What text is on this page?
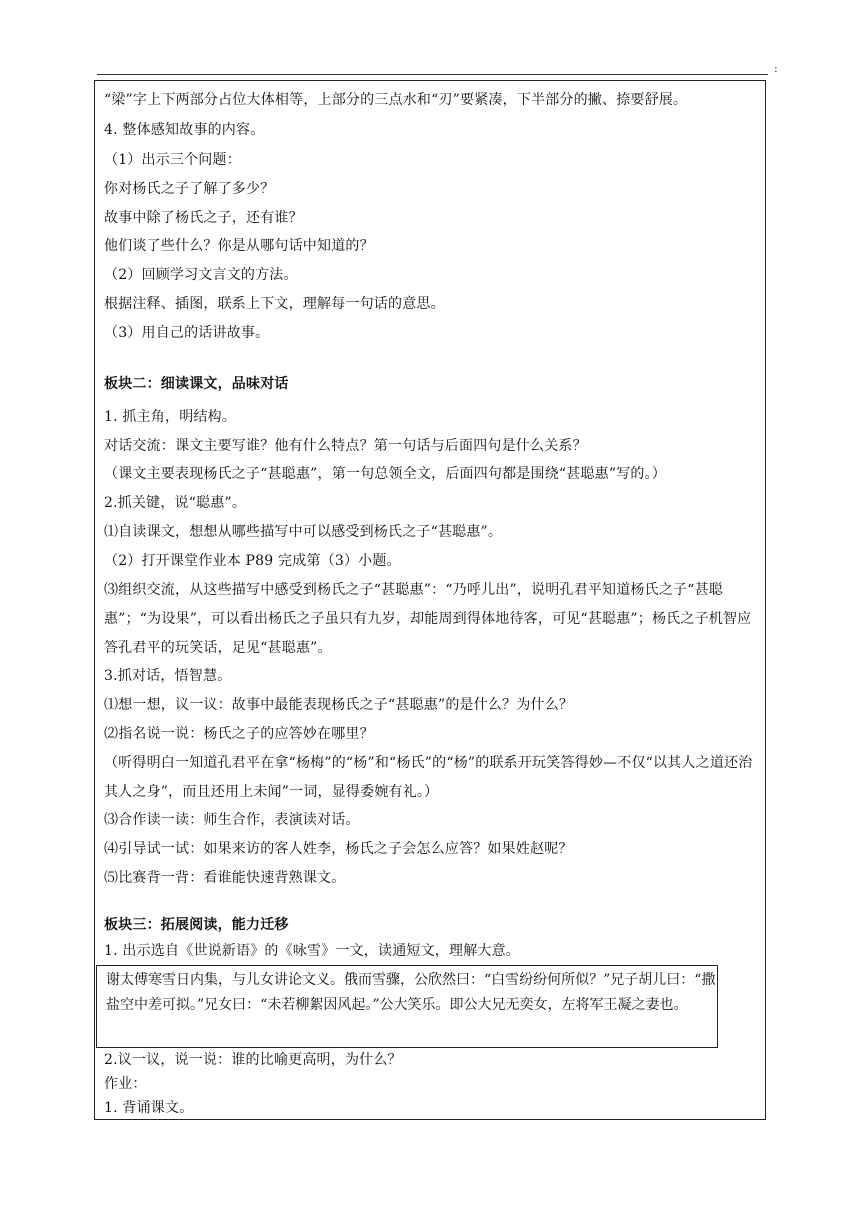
:
“梁”字上下两部分占位大体相等，上部分的三点水和“刃”要紧凑，下半部分的撇、捺要舒展。
4. 整体感知故事的内容。
（1）出示三个问题：
你对杨氏之子了解了多少？
故事中除了杨氏之子，还有谁？
他们谈了些什么？你是从哪句话中知道的？
（2）回顾学习文言文的方法。
根据注释、插图，联系上下文，理解每一句话的意思。
（3）用自己的话讲故事。
板块二：细读课文，品味对话
1. 抓主角，明结构。
对话交流：课文主要写谁？他有什么特点？第一句话与后面四句是什么关系？
（课文主要表现杨氏之子“甚聪惠”，第一句总领全文，后面四句都是围绕“甚聪惠”写的。）
2.抓关键，说“聪惠”。
⑴自读课文，想想从哪些描写中可以感受到杨氏之子“甚聪惠”。
（2）打开课堂作业本 P89 完成第（3）小题。
⑶组织交流，从这些描写中感受到杨氏之子“甚聪惠”：“乃呼儿出”，说明孔君平知道杨氏之子“甚聪惠”；“为设果”，可以看出杨氏之子虽只有九岁，却能周到得体地待客，可见“甚聪惠”；杨氏之子机智应答孔君平的玩笑话，足见“甚聪惠”。
3.抓对话，悟智慧。
⑴想一想，议一议：故事中最能表现杨氏之子“甚聪惠”的是什么？为什么？
⑵指名说一说：杨氏之子的应答妙在哪里？
（听得明白一知道孔君平在拿“杨梅”的“杨”和“杨氏”的“杨”的联系开玩笑答得妙—不仅“以其人之道还治其人之身”，而且还用上未闻”一词，显得委婉有礼。）
⑶合作读一读：师生合作，表演读对话。
⑷引导试一试：如果来访的客人姓李，杨氏之子会怎么应答？如果姓赵呢？
⑸比赛背一背：看谁能快速背熟课文。
板块三：拓展阅读，能力迁移
1. 出示选自《世说新语》的《咏雪》一文，读通短文，理解大意。
谢太傅寒雪日内集，与儿女讲论文义。俄而雪骤，公欣然曰：“白雪纷纷何所似？”兄子胡儿曰：“撒盐空中差可拟。”兄女曰：“未若柳絮因风起。”公大笑乐。即公大兄无奕女，左将军王凝之妻也。
2.议一议，说一说：谁的比喻更高明，为什么？
作业：
1. 背诵课文。
